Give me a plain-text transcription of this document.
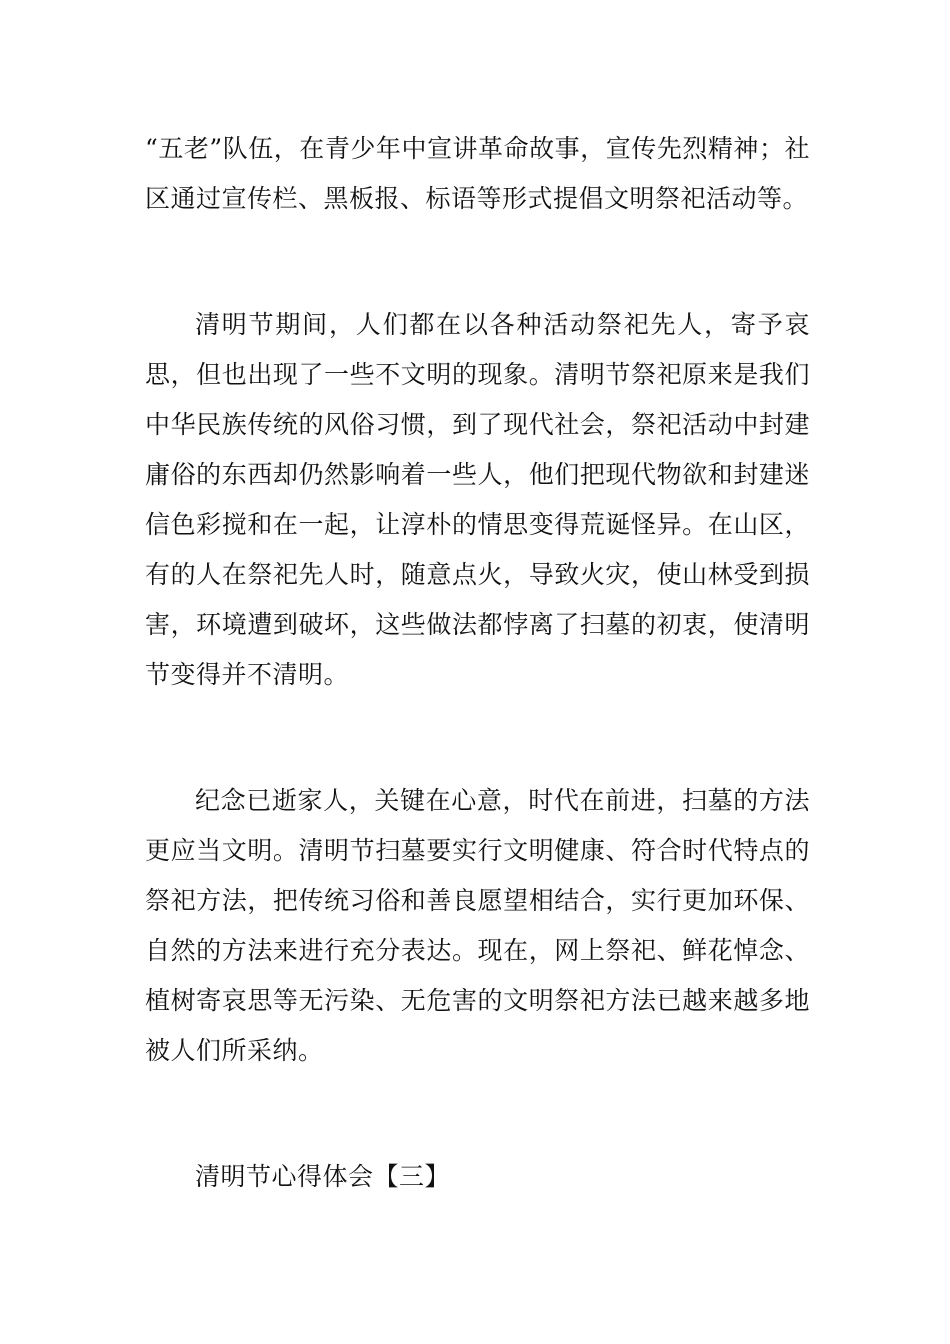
“五老”队伍，在青少年中宣讲革命故事，宣传先烈精神；社区通过宣传栏、黑板报、标语等形式提倡文明祭祀活动等。

清明节期间，人们都在以各种活动祭祀先人，寄予哀思，但也出现了一些不文明的现象。清明节祭祀原来是我们中华民族传统的风俗习惯，到了现代社会，祭祀活动中封建庸俗的东西却仍然影响着一些人，他们把现代物欲和封建迷信色彩搅和在一起，让淳朴的情思变得荒诞怪异。在山区，有的人在祭祀先人时，随意点火，导致火灾，使山林受到损害，环境遭到破坏，这些做法都悖离了扫墓的初衷，使清明节变得并不清明。

纪念已逝家人，关键在心意，时代在前进，扫墓的方法更应当文明。清明节扫墓要实行文明健康、符合时代特点的祭祀方法，把传统习俗和善良愿望相结合，实行更加环保、自然的方法来进行充分表达。现在，网上祭祀、鲜花悼念、植树寄哀思等无污染、无危害的文明祭祀方法已越来越多地被人们所采纳。

清明节心得体会【三】
